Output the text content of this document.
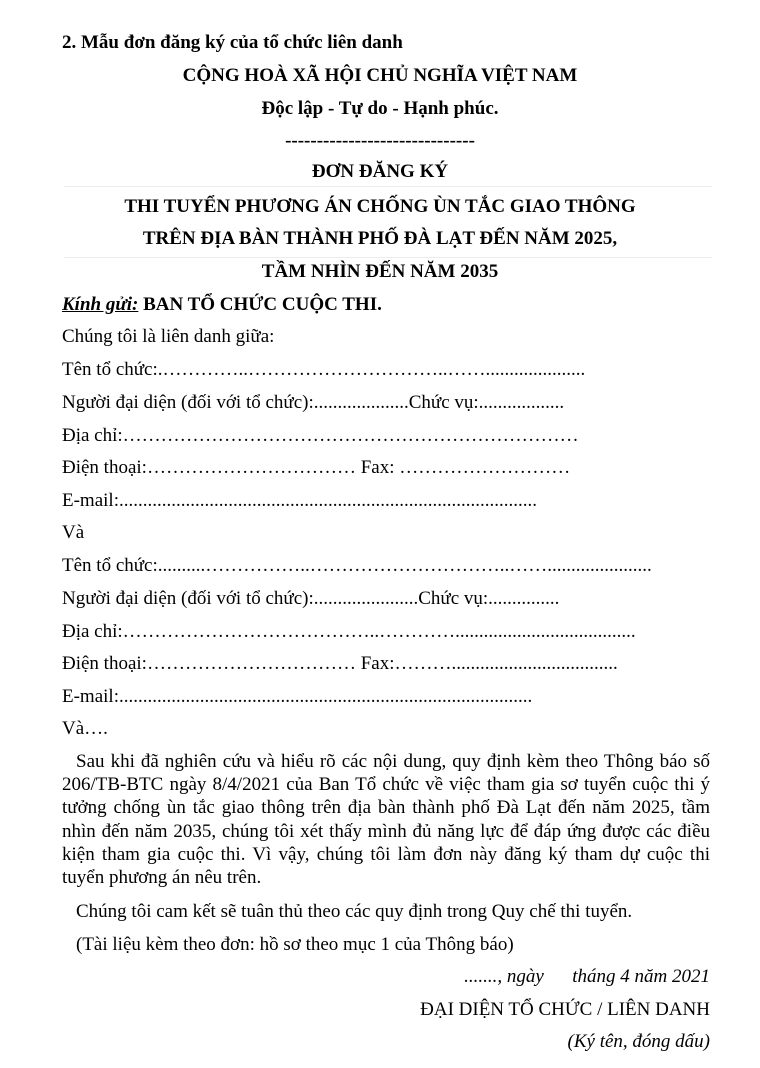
2. Mẫu đơn đăng ký của tổ chức liên danh
CỘNG HOÀ XÃ HỘI CHỦ NGHĨA VIỆT NAM
Độc lập - Tự do - Hạnh phúc.
------------------------------
ĐƠN ĐĂNG KÝ
THI TUYỂN PHƯƠNG ÁN CHỐNG ÙN TẮC GIAO THÔNG
TRÊN ĐỊA BÀN THÀNH PHỐ ĐÀ LẠT ĐẾN NĂM 2025,
TẦM NHÌN ĐẾN NĂM 2035
Kính gửi: BAN TỔ CHỨC CUỘC THI.
Chúng tôi là liên danh giữa:
Tên tổ chức:.…………..…………………………..…….....................
Người đại diện (đối với tổ chức):....................Chức vụ:..................
Địa chỉ:………………………………………………………………
Điện thoại:…………………………… Fax: ………………………
E-mail:........................................................................................
Và
Tên tổ chức:..........……………..…………………………..……......................
Người đại diện (đối với tổ chức):......................Chức vụ:...............
Địa chỉ:…………………………………..…………......................................
Điện thoại:…………………………… Fax:………...................................
E-mail:.......................................................................................
Và….
Sau khi đã nghiên cứu và hiểu rõ các nội dung, quy định kèm theo Thông báo số 206/TB-BTC ngày 8/4/2021 của Ban Tổ chức về việc tham gia sơ tuyển cuộc thi ý tưởng chống ùn tắc giao thông trên địa bàn thành phố Đà Lạt đến năm 2025, tầm nhìn đến năm 2035, chúng tôi xét thấy mình đủ năng lực để đáp ứng được các điều kiện tham gia cuộc thi. Vì vậy, chúng tôi làm đơn này đăng ký tham dự cuộc thi tuyển phương án nêu trên.
Chúng tôi cam kết sẽ tuân thủ theo các quy định trong Quy chế thi tuyển.
(Tài liệu kèm theo đơn: hồ sơ theo mục 1 của Thông báo)
......., ngày      tháng 4 năm 2021
ĐẠI DIỆN TỔ CHỨC / LIÊN DANH
(Ký tên, đóng dấu)
